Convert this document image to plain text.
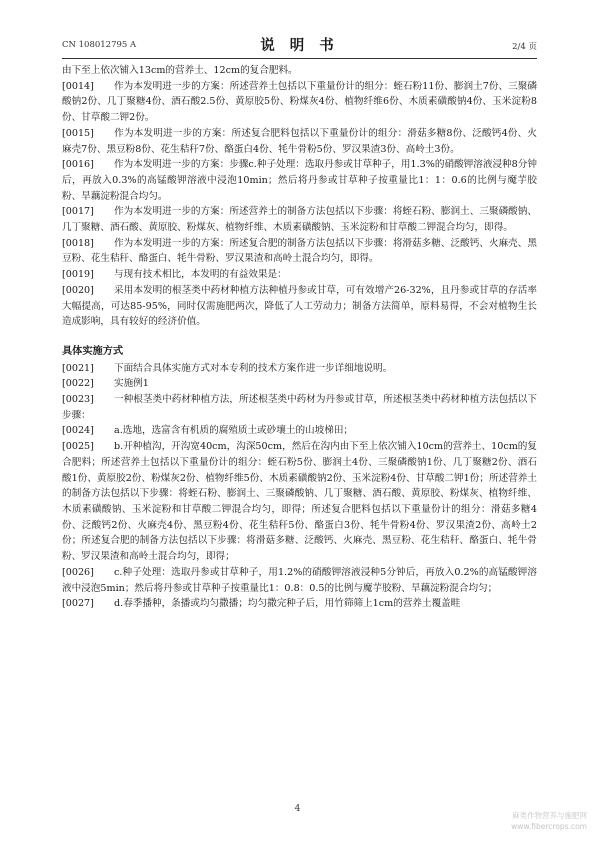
CN 108012795 A	说 明 书	2/4 页

由下至上依次铺入13cm的营养土、12cm的复合肥料。

[0014] 作为本发明进一步的方案：所述营养土包括以下重量份计的组分：蛭石粉11份、膨润土7份、三聚磷酸钠2份、几丁聚糖4份、酒石酸2.5份、黄原胶5份、粉煤灰4份、植物纤维6份、木质素磺酸钠4份、玉米淀粉8份、甘草酸二钾2份。

[0015] 作为本发明进一步的方案：所述复合肥料包括以下重量份计的组分：滑菇多糖8份、泛酸钙4份、火麻壳7份、黑豆粉8份、花生秸秆7份、酪蛋白4份、牦牛骨粉5份、罗汉果渣3份、高岭土3份。

[0016] 作为本发明进一步的方案：步骤c.种子处理：选取丹参或甘草种子，用1.3%的硝酸钾溶液浸种8分钟后，再放入0.3%的高锰酸钾溶液中浸泡10min；然后将丹参或甘草种子按重量比1：1：0.6的比例与魔芋胶粉、旱藕淀粉混合均匀。

[0017] 作为本发明进一步的方案：所述营养土的制备方法包括以下步骤：将蛭石粉、膨润土、三聚磷酸钠、几丁聚糖、酒石酸、黄原胶、粉煤灰、植物纤维、木质素磺酸钠、玉米淀粉和甘草酸二钾混合均匀，即得。

[0018] 作为本发明进一步的方案：所述复合肥的制备方法包括以下步骤：将滑菇多糖、泛酸钙、火麻壳、黑豆粉、花生秸秆、酪蛋白、牦牛骨粉、罗汉果渣和高岭土混合均匀，即得。

[0019] 与现有技术相比，本发明的有益效果是：

[0020] 采用本发明的根茎类中药材种植方法种植丹参或甘草，可有效增产26-32%，且丹参或甘草的存活率大幅提高，可达85-95%，同时仅需施肥两次，降低了人工劳动力；制备方法简单，原料易得，不会对植物生长造成影响，具有较好的经济价值。

具体实施方式

[0021] 下面结合具体实施方式对本专利的技术方案作进一步详细地说明。

[0022] 实施例1

[0023] 一种根茎类中药材种植方法，所述根茎类中药材为丹参或甘草，所述根茎类中药材种植方法包括以下步骤：

[0024] a.选地，选富含有机质的腐殖质土或砂壤土的山坡梯田；

[0025] b.开种植沟，开沟宽40cm，沟深50cm，然后在沟内由下至上依次铺入10cm的营养土、10cm的复合肥料；所述营养土包括以下重量份计的组分：蛭石粉5份、膨润土4份、三聚磷酸钠1份、几丁聚糖2份、酒石酸1份、黄原胶2份、粉煤灰2份、植物纤维5份、木质素磺酸钠2份、玉米淀粉4份、甘草酸二钾1份；所述营养土的制备方法包括以下步骤：将蛭石粉、膨润土、三聚磷酸钠、几丁聚糖、酒石酸、黄原胶、粉煤灰、植物纤维、木质素磺酸钠、玉米淀粉和甘草酸二钾混合均匀，即得；所述复合肥料包括以下重量份计的组分：滑菇多糖4份、泛酸钙2份、火麻壳4份、黑豆粉4份、花生秸秆5份、酪蛋白3份、牦牛骨粉4份、罗汉果渣2份、高岭土2份；所述复合肥的制备方法包括以下步骤：将滑菇多糖、泛酸钙、火麻壳、黑豆粉、花生秸秆、酪蛋白、牦牛骨粉、罗汉果渣和高岭土混合均匀，即得；

[0026] c.种子处理：选取丹参或甘草种子，用1.2%的硝酸钾溶液浸种5分钟后，再放入0.2%的高锰酸钾溶液中浸泡5min；然后将丹参或甘草种子按重量比1：0.8：0.5的比例与魔芋胶粉、旱藕淀粉混合均匀；

[0027] d.春季播种，条播或均匀撒播；均匀撒完种子后，用竹筛筛上1cm的营养土覆盖畦

4
麻类作物营养与施肥网
www.fibercrops.com
